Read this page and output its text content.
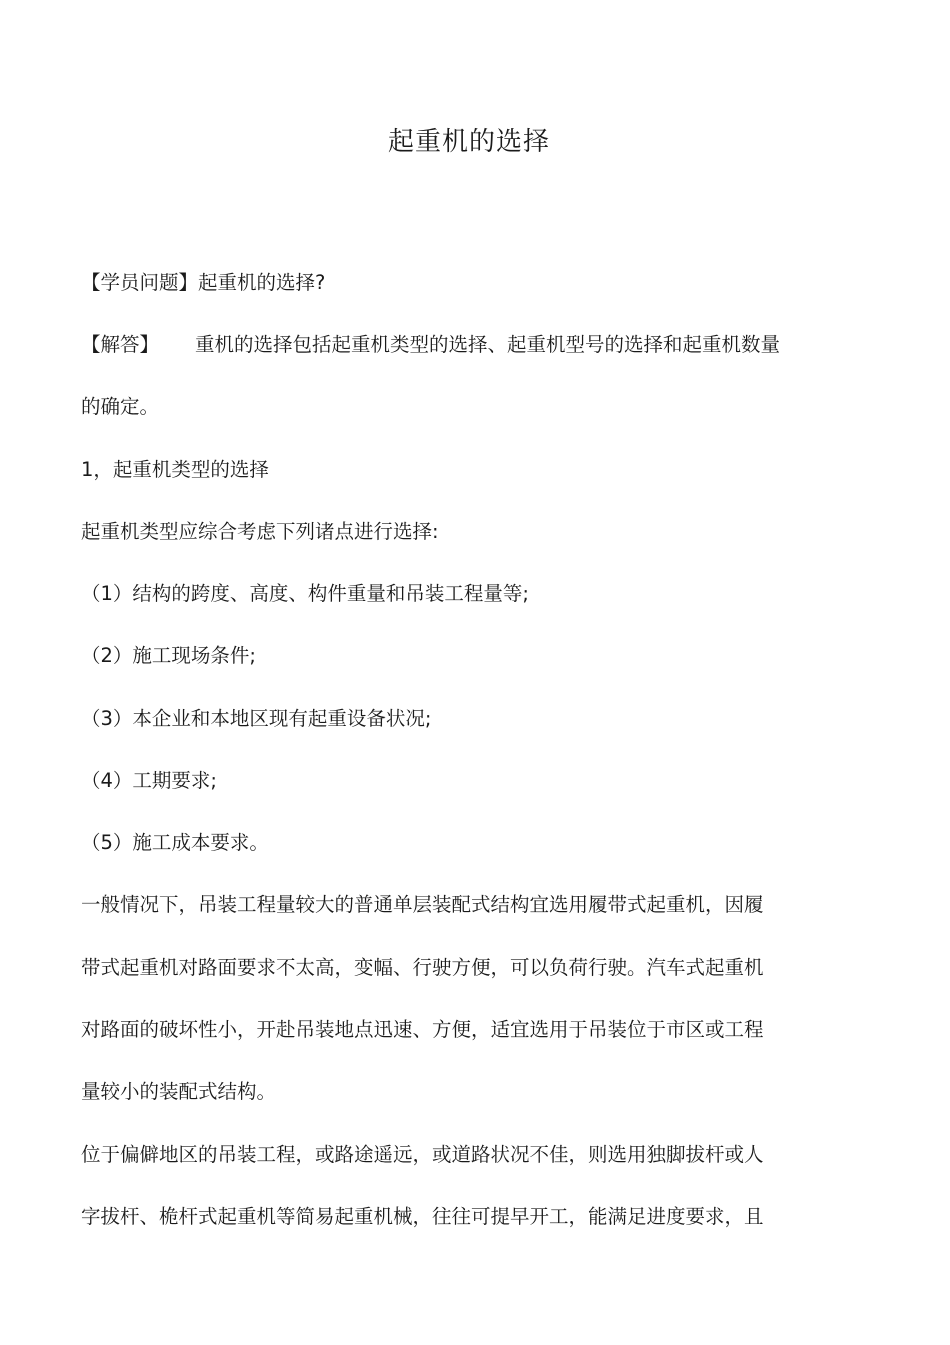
起重机的选择
【学员问题】起重机的选择?
【解答】 重机的选择包括起重机类型的选择、起重机型号的选择和起重机数量
的确定。
1，起重机类型的选择
起重机类型应综合考虑下列诸点进行选择:
（1）结构的跨度、高度、构件重量和吊装工程量等;
（2）施工现场条件;
（3）本企业和本地区现有起重设备状况;
（4）工期要求;
（5）施工成本要求。
一般情况下，吊装工程量较大的普通单层装配式结构宜选用履带式起重机，因履
带式起重机对路面要求不太高，变幅、行驶方便，可以负荷行驶。汽车式起重机
对路面的破坏性小，开赴吊装地点迅速、方便，适宜选用于吊装位于市区或工程
量较小的装配式结构。
位于偏僻地区的吊装工程，或路途遥远，或道路状况不佳，则选用独脚拔杆或人
字拔杆、桅杆式起重机等简易起重机械，往往可提早开工，能满足进度要求，且
